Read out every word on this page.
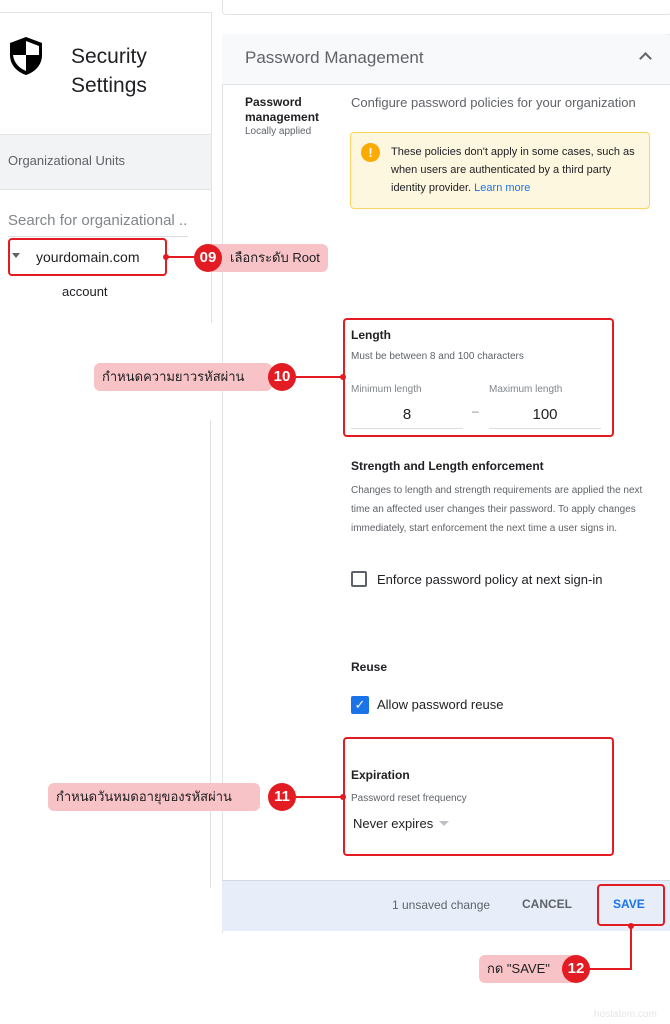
Security
Settings
Organizational Units
Search for organizational ...
yourdomain.com
account
Password Management
Password
management
Locally applied
Configure password policies for your organization
!	These policies don't apply in some cases, such as when users are authenticated by a third party identity provider. Learn more
Length
Must be between 8 and 100 characters
Minimum length	Maximum length
8	–	100
Strength and Length enforcement
Changes to length and strength requirements are applied the next time an affected user changes their password. To apply changes immediately, start enforcement the next time a user signs in.
Enforce password policy at next sign-in
Reuse
✓ Allow password reuse
Expiration
Password reset frequency
Never expires
1 unsaved change	CANCEL	SAVE
เลือกระดับ Root
09
กำหนดความยาวรหัสผ่าน	10
กำหนดวันหมดอายุของรหัสผ่าน	11
กด "SAVE"	12
hostatom.com
